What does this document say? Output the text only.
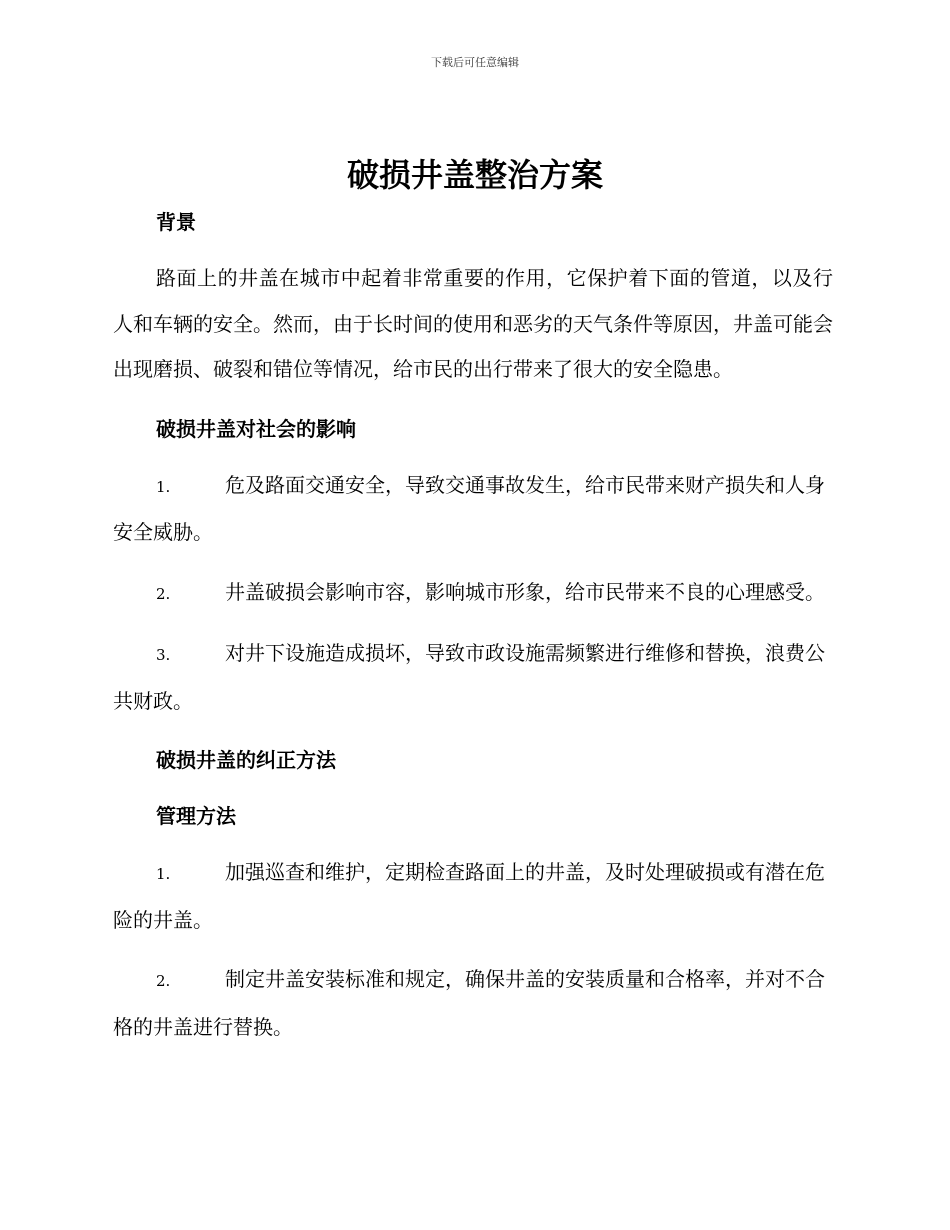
下载后可任意编辑
破损井盖整治方案

背景

路面上的井盖在城市中起着非常重要的作用，它保护着下面的管道，以及行人和车辆的安全。然而，由于长时间的使用和恶劣的天气条件等原因，井盖可能会出现磨损、破裂和错位等情况，给市民的出行带来了很大的安全隐患。

破损井盖对社会的影响

1.	危及路面交通安全，导致交通事故发生，给市民带来财产损失和人身安全威胁。

2.	井盖破损会影响市容，影响城市形象，给市民带来不良的心理感受。

3.	对井下设施造成损坏，导致市政设施需频繁进行维修和替换，浪费公共财政。

破损井盖的纠正方法

管理方法

1.	加强巡查和维护，定期检查路面上的井盖，及时处理破损或有潜在危险的井盖。

2.	制定井盖安装标准和规定，确保井盖的安装质量和合格率，并对不合格的井盖进行替换。
